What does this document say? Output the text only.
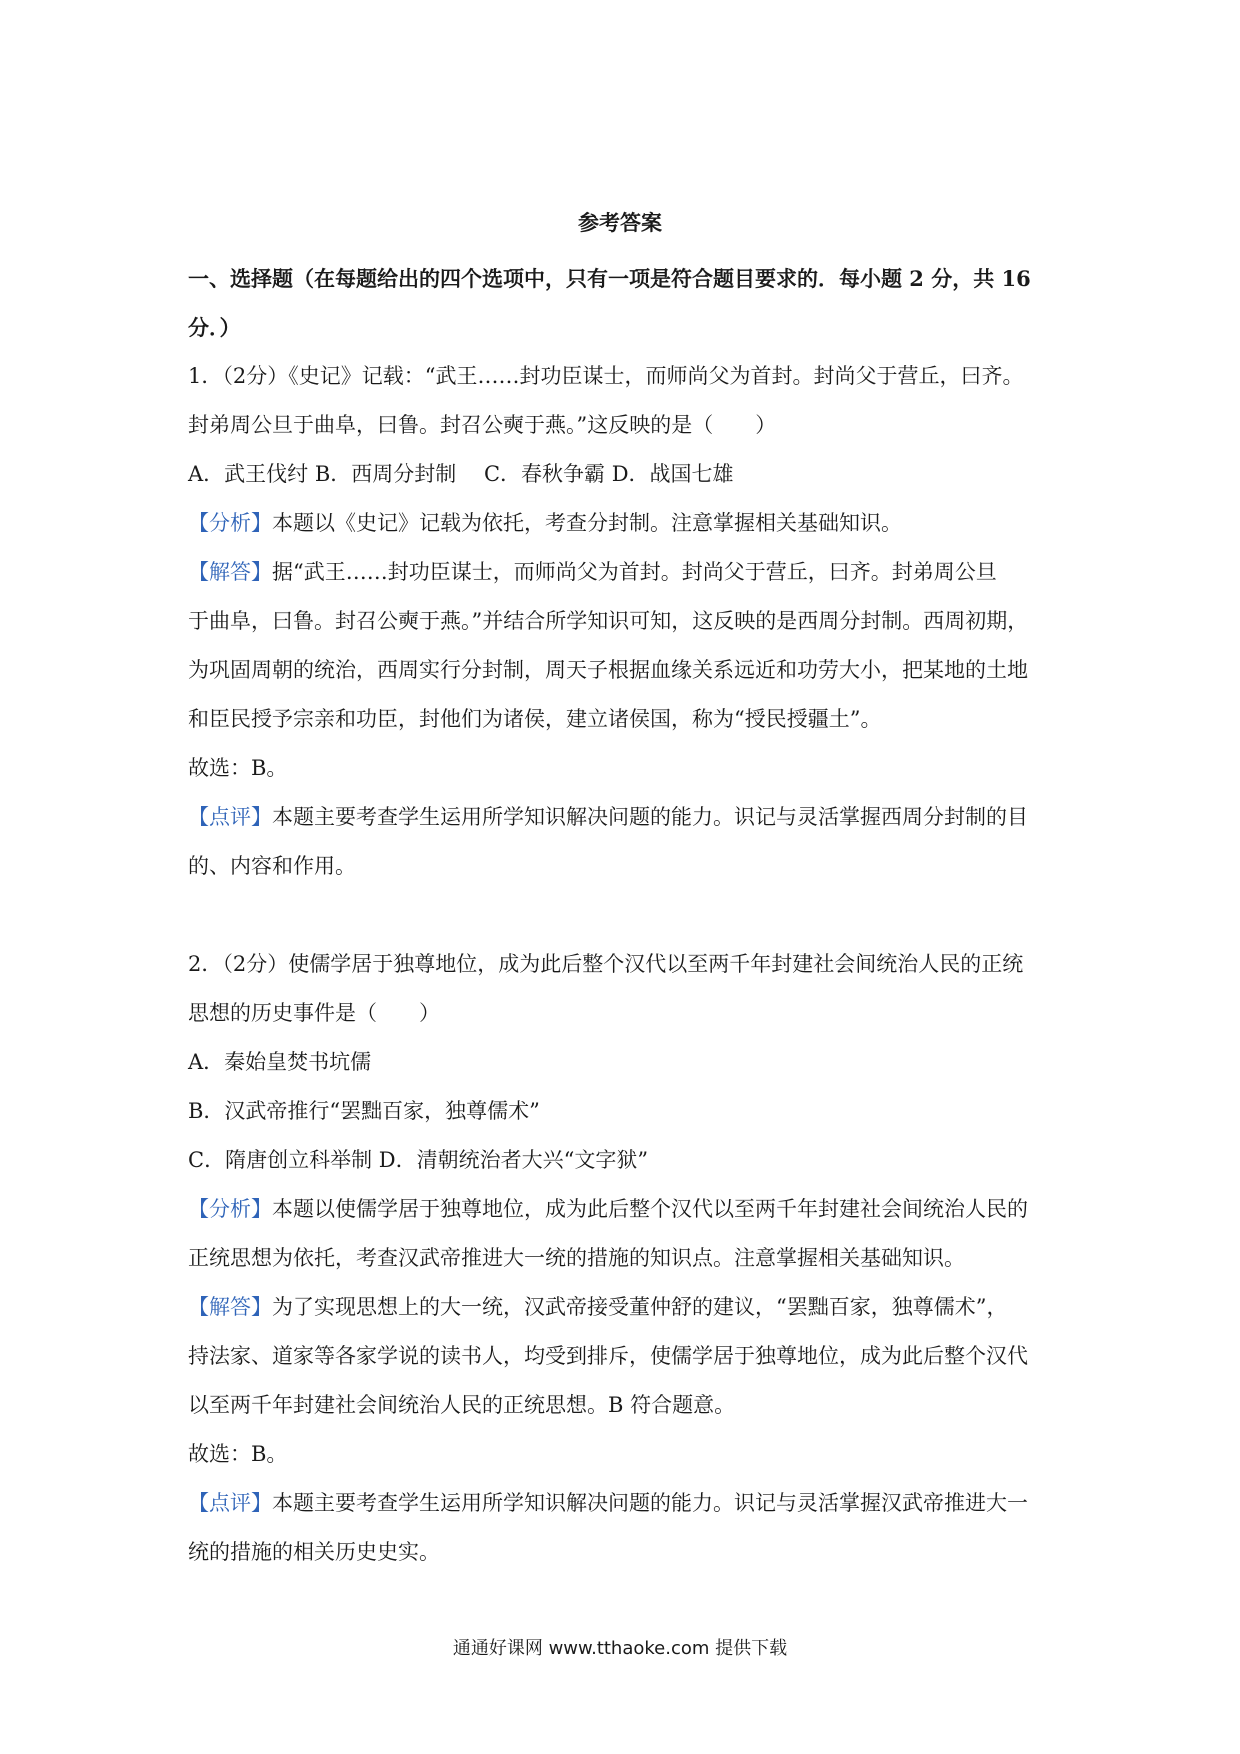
参考答案
一、选择题（在每题给出的四个选项中，只有一项是符合题目要求的．每小题 2 分，共 16
分．）
1．（2分）《史记》记载：“武王……封功臣谋士，而师尚父为首封。封尚父于营丘，曰齐。
封弟周公旦于曲阜，曰鲁。封召公奭于燕。”这反映的是（　　）
A．武王伐纣 B．西周分封制　 C．春秋争霸 D．战国七雄
【分析】本题以《史记》记载为依托，考查分封制。注意掌握相关基础知识。
【解答】据“武王……封功臣谋士，而师尚父为首封。封尚父于营丘，曰齐。封弟周公旦
于曲阜，曰鲁。封召公奭于燕。”并结合所学知识可知，这反映的是西周分封制。西周初期，
为巩固周朝的统治，西周实行分封制，周天子根据血缘关系远近和功劳大小，把某地的土地
和臣民授予宗亲和功臣，封他们为诸侯，建立诸侯国，称为“授民授疆土”。
故选：B。
【点评】本题主要考查学生运用所学知识解决问题的能力。识记与灵活掌握西周分封制的目
的、内容和作用。
2．（2分）使儒学居于独尊地位，成为此后整个汉代以至两千年封建社会间统治人民的正统
思想的历史事件是（　　）
A．秦始皇焚书坑儒
B．汉武帝推行“罢黜百家，独尊儒术”
C．隋唐创立科举制 D．清朝统治者大兴“文字狱”
【分析】本题以使儒学居于独尊地位，成为此后整个汉代以至两千年封建社会间统治人民的
正统思想为依托，考查汉武帝推进大一统的措施的知识点。注意掌握相关基础知识。
【解答】为了实现思想上的大一统，汉武帝接受董仲舒的建议，“罢黜百家，独尊儒术”，
持法家、道家等各家学说的读书人，均受到排斥，使儒学居于独尊地位，成为此后整个汉代
以至两千年封建社会间统治人民的正统思想。B 符合题意。
故选：B。
【点评】本题主要考查学生运用所学知识解决问题的能力。识记与灵活掌握汉武帝推进大一
统的措施的相关历史史实。
通通好课网 www.tthaoke.com 提供下载
